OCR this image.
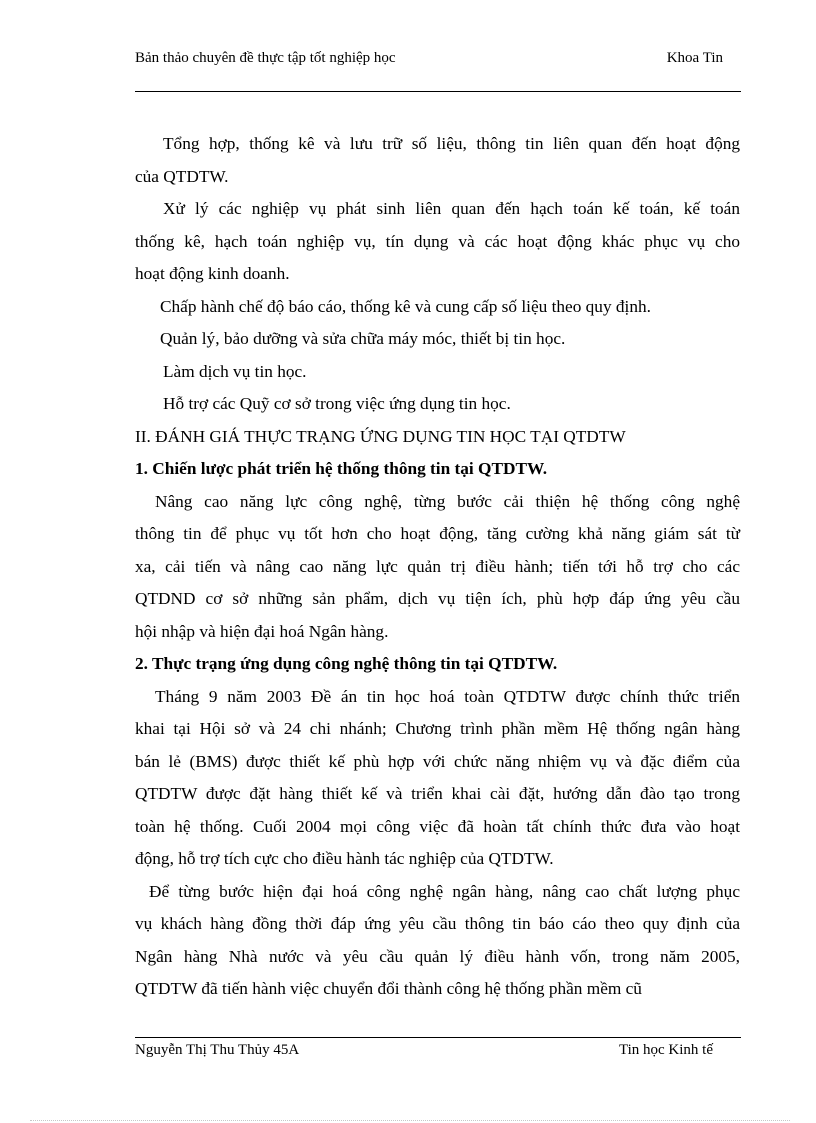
Bản thảo chuyên đề thực tập tốt nghiệp học	Khoa Tin
Tổng hợp, thống kê và lưu trữ số liệu, thông tin liên quan đến hoạt động
của QTDTW.
Xử lý các nghiệp vụ phát sinh liên quan đến hạch toán kế toán, kế toán
thống kê, hạch toán nghiệp vụ, tín dụng và các hoạt động khác phục vụ cho
hoạt động kinh doanh.
Chấp hành chế độ báo cáo, thống kê và cung cấp số liệu theo quy định.
Quản lý, bảo dưỡng và sửa chữa máy móc, thiết bị tin học.
Làm dịch vụ tin học.
Hỗ trợ các Quỹ cơ sở trong việc ứng dụng tin học.
II. ĐÁNH GIÁ THỰC TRẠNG ỨNG DỤNG TIN HỌC TẠI QTDTW
1. Chiến lược phát triển hệ thống thông tin tại QTDTW.
Nâng cao năng lực công nghệ, từng bước cải thiện hệ thống công nghệ
thông tin để phục vụ tốt hơn cho hoạt động, tăng cường khả năng giám sát từ
xa, cải tiến và nâng cao năng lực quản trị điều hành; tiến tới hỗ trợ cho các
QTDND cơ sở những sản phẩm, dịch vụ tiện ích, phù hợp đáp ứng yêu cầu
hội nhập và hiện đại hoá Ngân hàng.
2. Thực trạng ứng dụng công nghệ thông tin tại QTDTW.
Tháng 9 năm 2003 Đề án tin học hoá toàn QTDTW được chính thức triển
khai tại Hội sở và 24 chi nhánh; Chương trình phần mềm Hệ thống ngân hàng
bán lẻ (BMS) được thiết kế phù hợp với chức năng nhiệm vụ và đặc điểm của
QTDTW được đặt hàng thiết kế và triển khai cài đặt, hướng dẫn đào tạo trong
toàn hệ thống. Cuối 2004 mọi công việc đã hoàn tất chính thức đưa vào hoạt
động, hỗ trợ tích cực cho điều hành tác nghiệp của QTDTW.
Để từng bước hiện đại hoá công nghệ ngân hàng, nâng cao chất lượng phục
vụ khách hàng đồng thời đáp ứng yêu cầu thông tin báo cáo theo quy định của
Ngân hàng Nhà nước và yêu cầu quản lý điều hành vốn, trong năm 2005,
QTDTW đã tiến hành việc chuyển đổi thành công hệ thống phần mềm cũ
Nguyễn Thị Thu Thủy 45A	Tin học Kinh tế
